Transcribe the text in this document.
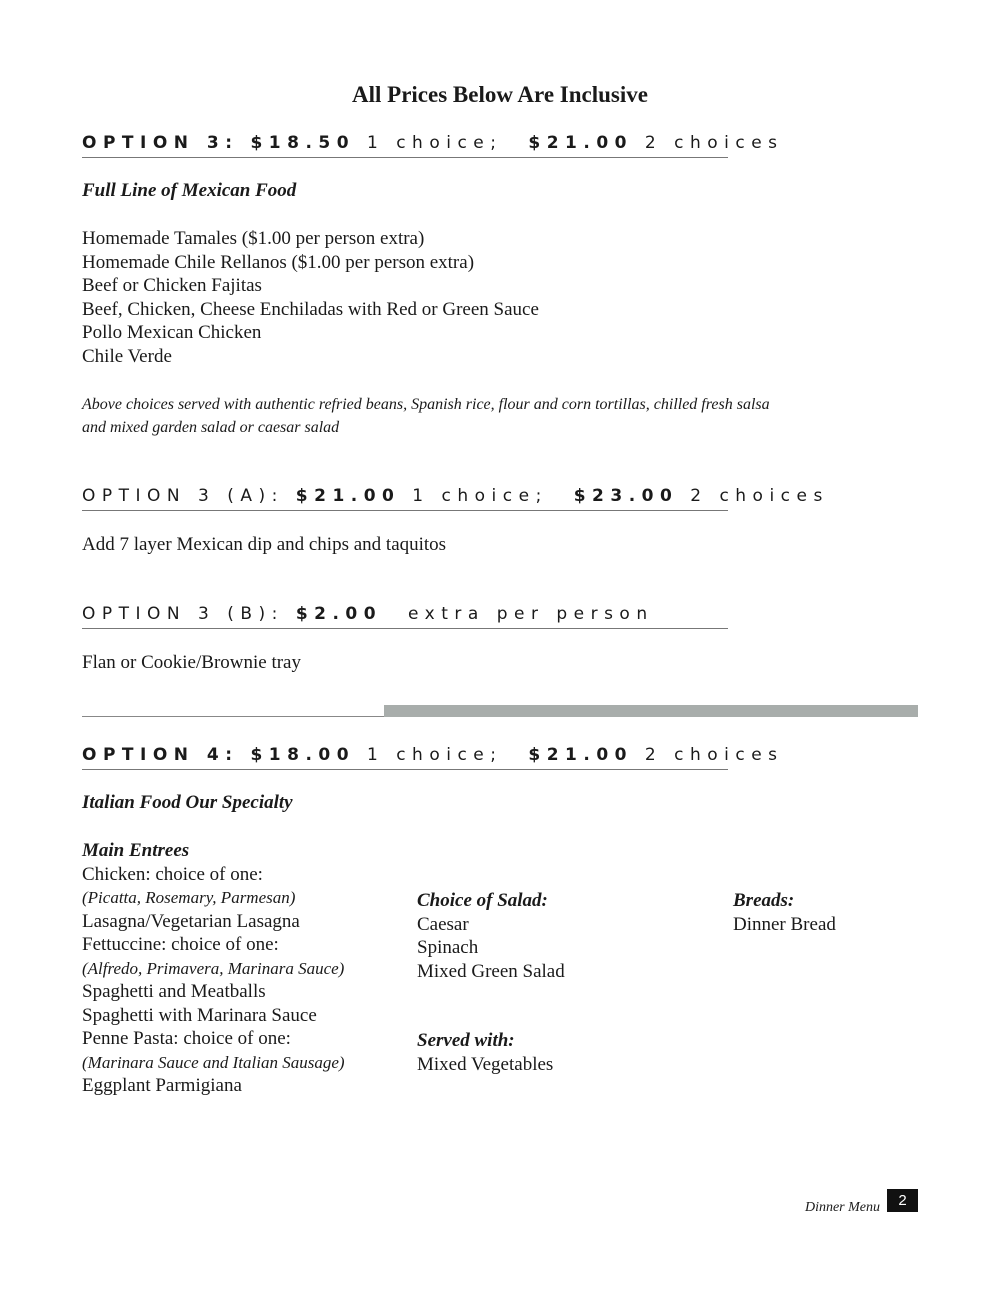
All Prices Below Are Inclusive
OPTION 3: $18.50 1 choice; $21.00 2 choices
Full Line of Mexican Food
Homemade Tamales ($1.00 per person extra)
Homemade Chile Rellanos ($1.00 per person extra)
Beef or Chicken Fajitas
Beef, Chicken, Cheese Enchiladas with Red or Green Sauce
Pollo Mexican Chicken
Chile Verde
Above choices served with authentic refried beans, Spanish rice, flour and corn tortillas, chilled fresh salsa
and mixed garden salad or caesar salad
OPTION 3 (A): $21.00 1 choice; $23.00 2 choices
Add 7 layer Mexican dip and chips and taquitos
OPTION 3 (B): $2.00 extra per person
Flan or Cookie/Brownie tray
OPTION 4: $18.00 1 choice; $21.00 2 choices
Italian Food Our Specialty
Main Entrees
Chicken: choice of one:
(Picatta, Rosemary, Parmesan)
Lasagna/Vegetarian Lasagna
Fettuccine: choice of one:
(Alfredo, Primavera, Marinara Sauce)
Spaghetti and Meatballs
Spaghetti with Marinara Sauce
Penne Pasta: choice of one:
(Marinara Sauce and Italian Sausage)
Eggplant Parmigiana
Choice of Salad:
Caesar
Spinach
Mixed Green Salad
Served with:
Mixed Vegetables
Breads:
Dinner Bread
Dinner Menu	2
